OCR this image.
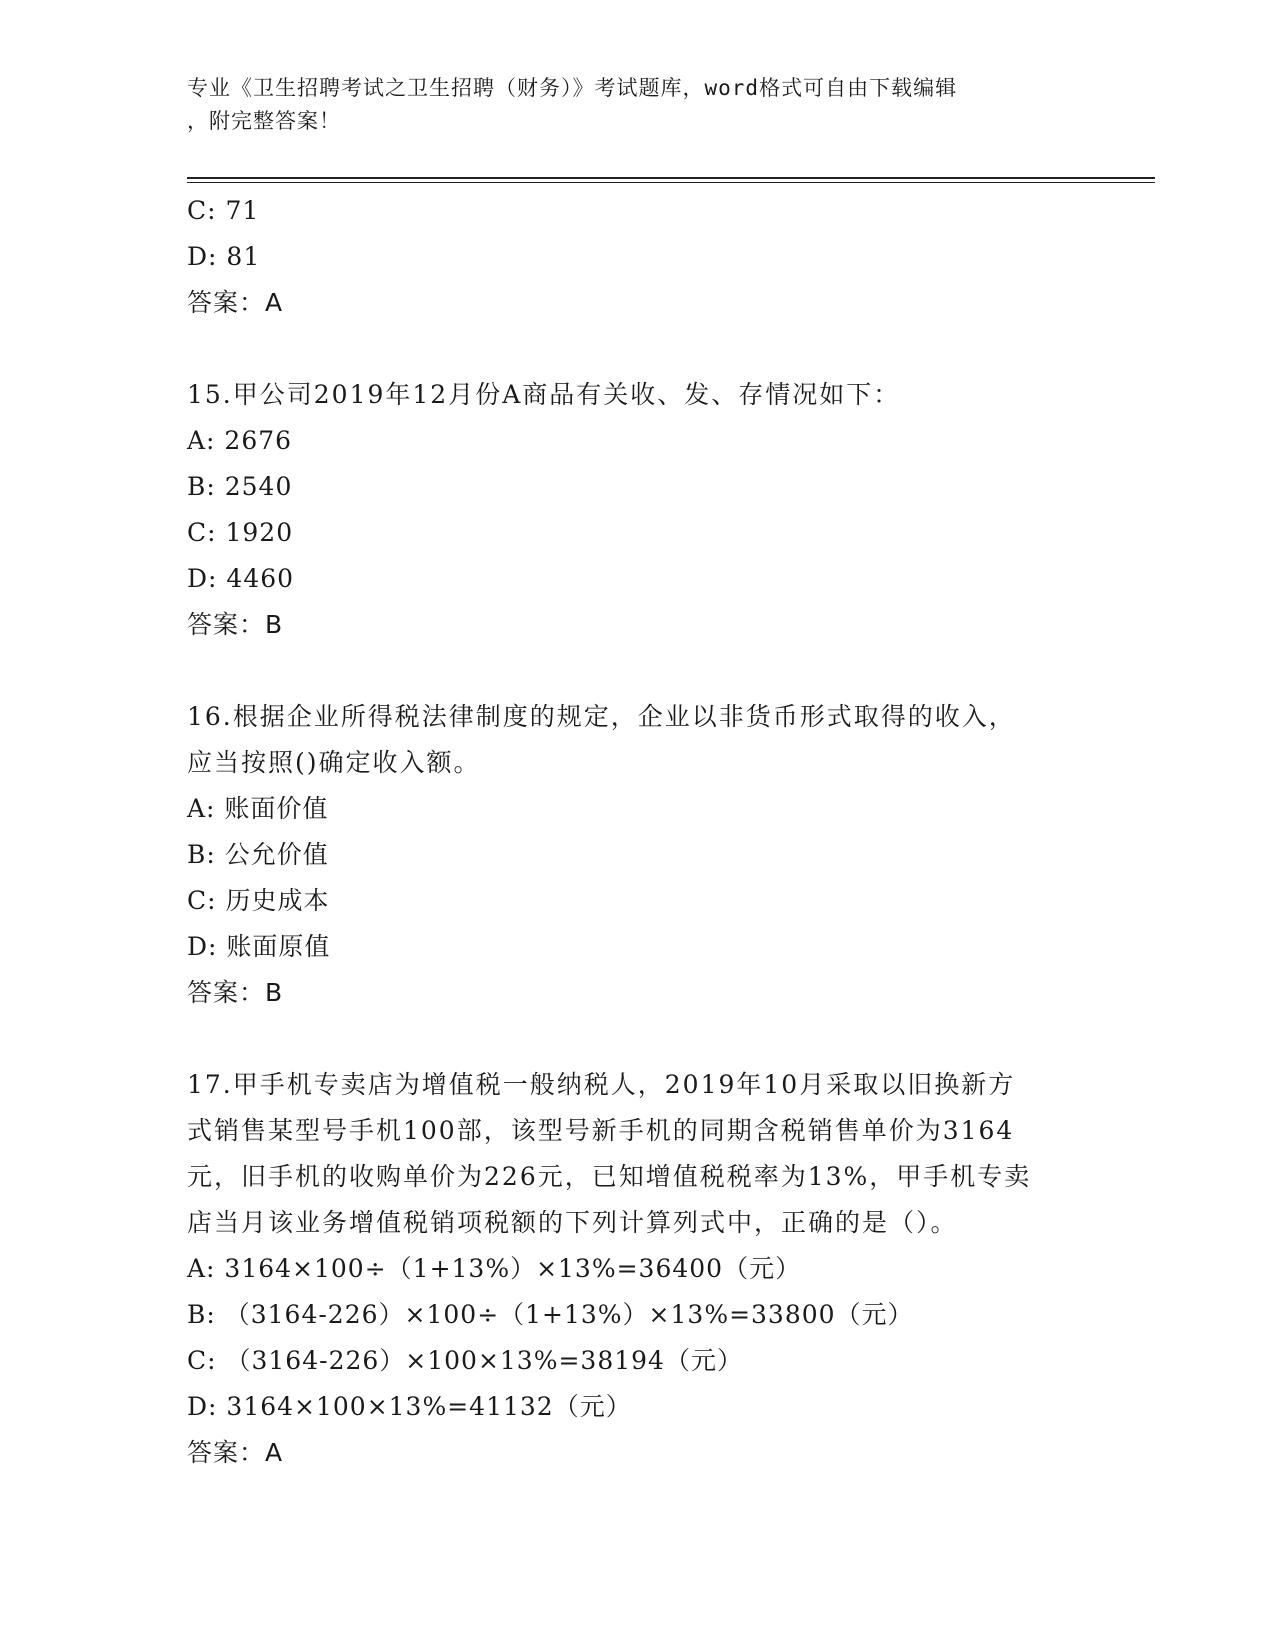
专业《卫生招聘考试之卫生招聘（财务）》考试题库，word格式可自由下载编辑
，附完整答案！
C: 71
D: 81
答案：A
15.甲公司2019年12月份A商品有关收、发、存情况如下：
A: 2676
B: 2540
C: 1920
D: 4460
答案：B
16.根据企业所得税法律制度的规定，企业以非货币形式取得的收入，
应当按照()确定收入额。
A: 账面价值
B: 公允价值
C: 历史成本
D: 账面原值
答案：B
17.甲手机专卖店为增值税一般纳税人，2019年10月采取以旧换新方
式销售某型号手机100部，该型号新手机的同期含税销售单价为3164
元，旧手机的收购单价为226元，已知增值税税率为13%，甲手机专卖
店当月该业务增值税销项税额的下列计算列式中，正确的是（）。
A: 3164×100÷（1+13%）×13%=36400（元）
B: （3164-226）×100÷（1+13%）×13%=33800（元）
C: （3164-226）×100×13%=38194（元）
D: 3164×100×13%=41132（元）
答案：A
